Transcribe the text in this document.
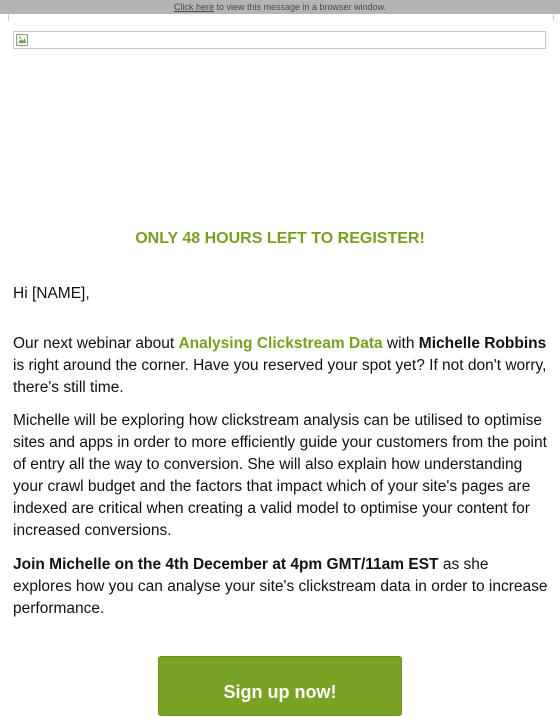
Click here to view this message in a browser window.
ONLY 48 HOURS LEFT TO REGISTER!
Hi [NAME],
Our next webinar about Analysing Clickstream Data with Michelle Robbins is right around the corner. Have you reserved your spot yet? If not don't worry, there's still time.
Michelle will be exploring how clickstream analysis can be utilised to optimise sites and apps in order to more efficiently guide your customers from the point of entry all the way to conversion. She will also explain how understanding your crawl budget and the factors that impact which of your site's pages are indexed are critical when creating a valid model to optimise your content for increased conversions.
Join Michelle on the 4th December at 4pm GMT/11am EST as she explores how you can analyse your site's clickstream data in order to increase performance.
Sign up now!
